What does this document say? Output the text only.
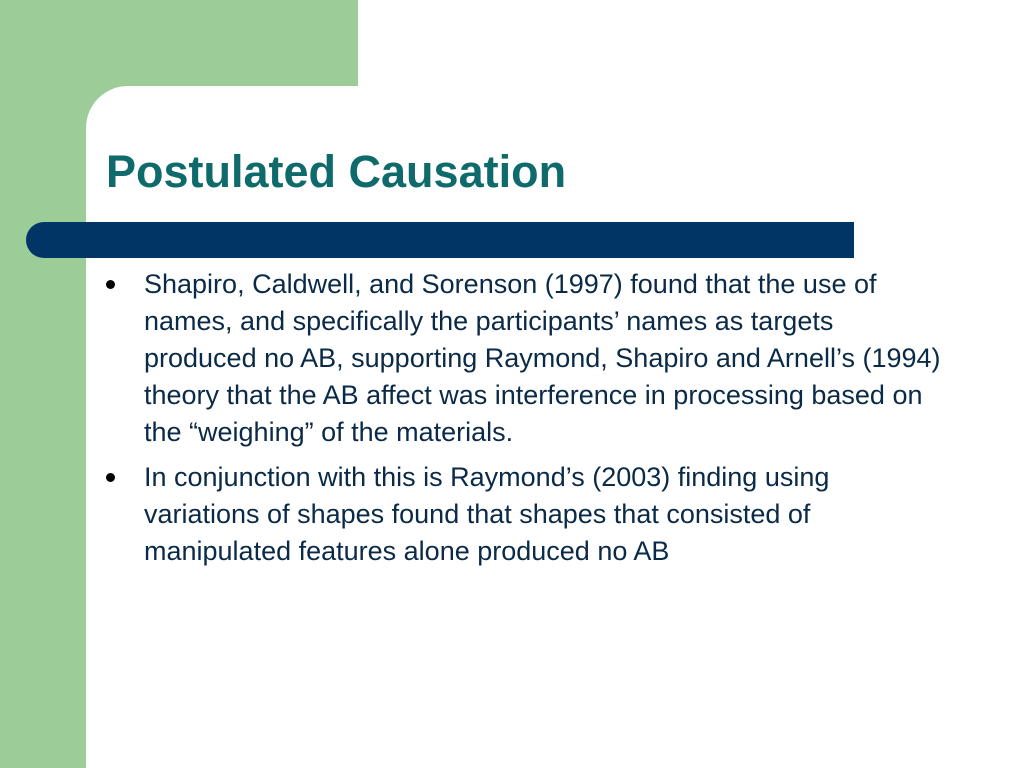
Postulated Causation
Shapiro, Caldwell, and Sorenson (1997) found that the use of names, and specifically the participants’ names as targets produced no AB, supporting Raymond, Shapiro and Arnell’s (1994) theory that the AB affect was interference in processing based on the “weighing” of the materials.
In conjunction with this is Raymond’s (2003) finding using variations of shapes found that shapes that consisted of manipulated features alone produced no AB
